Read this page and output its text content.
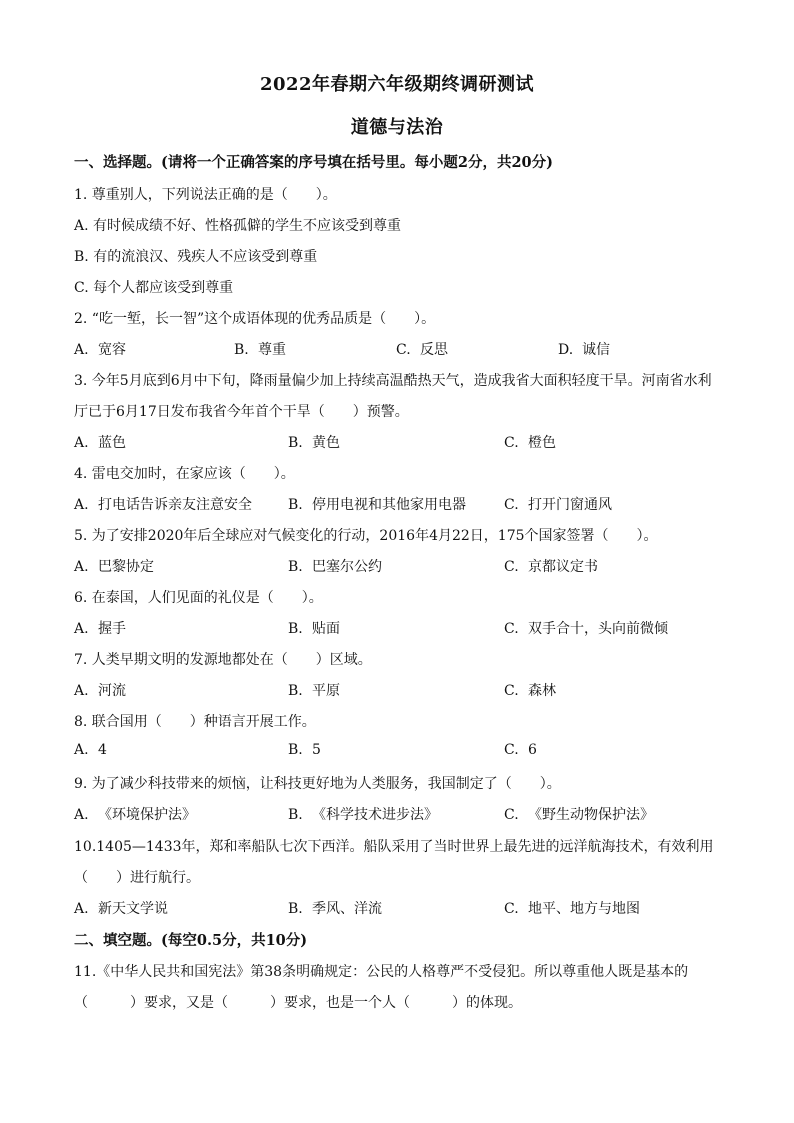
2022年春期六年级期终调研测试
道德与法治
一、选择题。(请将一个正确答案的序号填在括号里。每小题2分，共20分)
1. 尊重别人，下列说法正确的是（　　）。
A. 有时候成绩不好、性格孤僻的学生不应该受到尊重
B. 有的流浪汉、残疾人不应该受到尊重
C. 每个人都应该受到尊重
2. “吃一堑，长一智”这个成语体现的优秀品质是（　　）。
A. 宽容	B. 尊重	C. 反思	D. 诚信
3. 今年5月底到6月中下旬，降雨量偏少加上持续高温酷热天气，造成我省大面积轻度干旱。河南省水利
厅已于6月17日发布我省今年首个干旱（　　）预警。
A. 蓝色	B. 黄色	C. 橙色
4. 雷电交加时，在家应该（　　）。
A. 打电话告诉亲友注意安全	B. 停用电视和其他家用电器	C. 打开门窗通风
5. 为了安排2020年后全球应对气候变化的行动，2016年4月22日，175个国家签署（　　）。
A. 巴黎协定	B. 巴塞尔公约	C. 京都议定书
6. 在泰国，人们见面的礼仪是（　　）。
A. 握手	B. 贴面	C. 双手合十，头向前微倾
7. 人类早期文明的发源地都处在（　　）区域。
A. 河流	B. 平原	C. 森林
8. 联合国用（　　）种语言开展工作。
A. 4	B. 5	C. 6
9. 为了减少科技带来的烦恼，让科技更好地为人类服务，我国制定了（　　）。
A. 《环境保护法》	B. 《科学技术进步法》	C. 《野生动物保护法》
10.1405—1433年，郑和率船队七次下西洋。船队采用了当时世界上最先进的远洋航海技术，有效利用
（　　）进行航行。
A. 新天文学说	B. 季风、洋流	C. 地平、地方与地图
二、填空题。(每空0.5分，共10分)
11.《中华人民共和国宪法》第38条明确规定：公民的人格尊严不受侵犯。所以尊重他人既是基本的
（　　　）要求，又是（　　　）要求，也是一个人（　　　）的体现。
